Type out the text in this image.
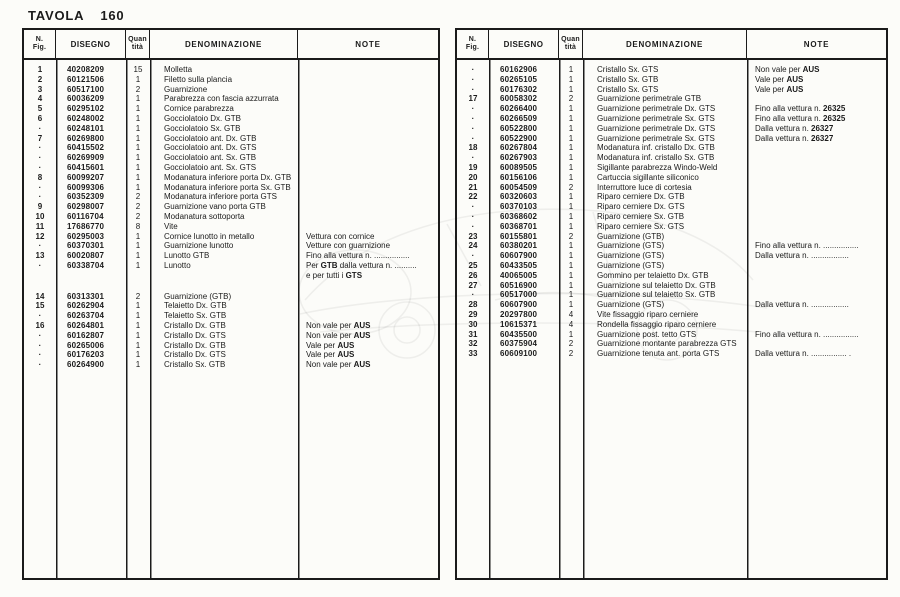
TAVOLA 160
N.
Fig.	DISEGNO	Quan
tità	DENOMINAZIONE	NOTE
1	40208209	15	Molletta
2	60121506	1	Filetto sulla plancia
3	60517100	2	Guarnizione
4	60036209	1	Parabrezza con fascia azzurrata
5	60295102	1	Cornice parabrezza
6	60248002	1	Gocciolatoio Dx. GTB
·	60248101	1	Gocciolatoio Sx. GTB
7	60269800	1	Gocciolatoio ant. Dx. GTB
·	60415502	1	Gocciolatoio ant. Dx. GTS
·	60269909	1	Gocciolatoio ant. Sx. GTB
·	60415601	1	Gocciolatoio ant. Sx. GTS
8	60099207	1	Modanatura inferiore porta Dx. GTB
·	60099306	1	Modanatura inferiore porta Sx. GTB
·	60352309	2	Modanatura inferiore porta GTS
9	60298007	2	Guarnizione vano porta GTB
10	60116704	2	Modanatura sottoporta
11	17686770	8	Vite
12	60295003	1	Cornice lunotto in metallo	Vettura con cornice
·	60370301	1	Guarnizione lunotto	Vetture con guarnizione
13	60020807	1	Lunotto GTB	Fino alla vettura n. ................
·	60338704	1	Lunotto	Per GTB dalla vettura n. ..........
e per tutti i GTS
14	60313301	2	Guarnizione (GTB)
15	60262904	1	Telaietto Dx. GTB
·	60263704	1	Telaietto Sx. GTB
16	60264801	1	Cristallo Dx. GTB	Non vale per AUS
·	60162807	1	Cristallo Dx. GTS	Non vale per AUS
·	60265006	1	Cristallo Dx. GTB	Vale per AUS
·	60176203	1	Cristallo Dx. GTS	Vale per AUS
·	60264900	1	Cristallo Sx. GTB	Non vale per AUS
N.
Fig.	DISEGNO	Quan
tità	DENOMINAZIONE	NOTE
·	60162906	1	Cristallo Sx. GTS	Non vale per AUS
·	60265105	1	Cristallo Sx. GTB	Vale per AUS
·	60176302	1	Cristallo Sx. GTS	Vale per AUS
17	60058302	2	Guarnizione perimetrale GTB
·	60266400	1	Guarnizione perimetrale Dx. GTS	Fino alla vettura n. 26325
·	60266509	1	Guarnizione perimetrale Sx. GTS	Fino alla vettura n. 26325
·	60522800	1	Guarnizione perimetrale Dx. GTS	Dalla vettura n. 26327
·	60522900	1	Guarnizione perimetrale Sx. GTS	Dalla vettura n. 26327
18	60267804	1	Modanatura inf. cristallo Dx. GTB
·	60267903	1	Modanatura inf. cristallo Sx. GTB
19	60089505	1	Sigillante parabrezza Windo-Weld
20	60156106	1	Cartuccia sigillante siliconico
21	60054509	2	Interruttore luce di cortesia
22	60320603	1	Riparo cerniere Dx. GTB
·	60370103	1	Riparo cerniere Dx. GTS
·	60368602	1	Riparo cerniere Sx. GTB
·	60368701	1	Riparo cerniere Sx. GTS
23	60155801	2	Guarnizione (GTB)
24	60380201	1	Guarnizione (GTS)	Fino alla vettura n. ................
·	60607900	1	Guarnizione (GTS)	Dalla vettura n. .................
25	60433505	1	Guarnizione (GTS)
26	40065005	1	Gommino per telaietto Dx. GTB
27	60516900	1	Guarnizione sul telaietto Dx. GTB
·	60517000	1	Guarnizione sul telaietto Sx. GTB
28	60607900	1	Guarnizione (GTS)	Dalla vettura n. .................
29	20297800	4	Vite fissaggio riparo cerniere
30	10615371	4	Rondella fissaggio riparo cerniere
31	60435500	1	Guarnizione post. tetto GTS	Fino alla vettura n. ................
32	60375904	2	Guarnizione montante parabrezza GTS
33	60609100	2	Guarnizione tenuta ant. porta GTS	Dalla vettura n. ................ .
